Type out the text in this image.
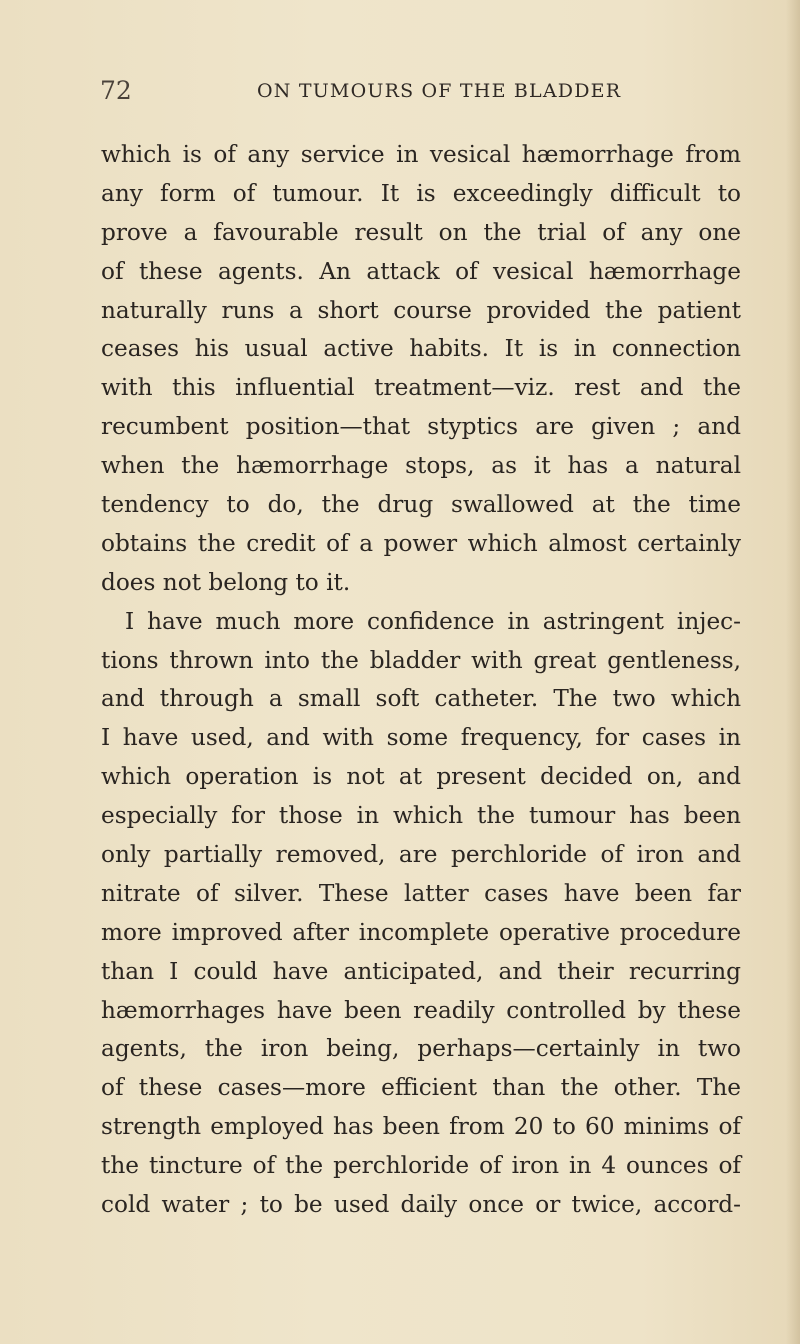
72	ON TUMOURS OF THE BLADDER
which is of any service in vesical hæmorrhage from
any form of tumour. It is exceedingly difficult to
prove a favourable result on the trial of any one
of these agents. An attack of vesical hæmorrhage
naturally runs a short course provided the patient
ceases his usual active habits. It is in connection
with this influential treatment—viz. rest and the
recumbent position—that styptics are given ; and
when the hæmorrhage stops, as it has a natural
tendency to do, the drug swallowed at the time
obtains the credit of a power which almost certainly
does not belong to it.
I have much more confidence in astringent injec-
tions thrown into the bladder with great gentleness,
and through a small soft catheter. The two which
I have used, and with some frequency, for cases in
which operation is not at present decided on, and
especially for those in which the tumour has been
only partially removed, are perchloride of iron and
nitrate of silver. These latter cases have been far
more improved after incomplete operative procedure
than I could have anticipated, and their recurring
hæmorrhages have been readily controlled by these
agents, the iron being, perhaps—certainly in two
of these cases—more efficient than the other. The
strength employed has been from 20 to 60 minims of
the tincture of the perchloride of iron in 4 ounces of
cold water ; to be used daily once or twice, accord-
